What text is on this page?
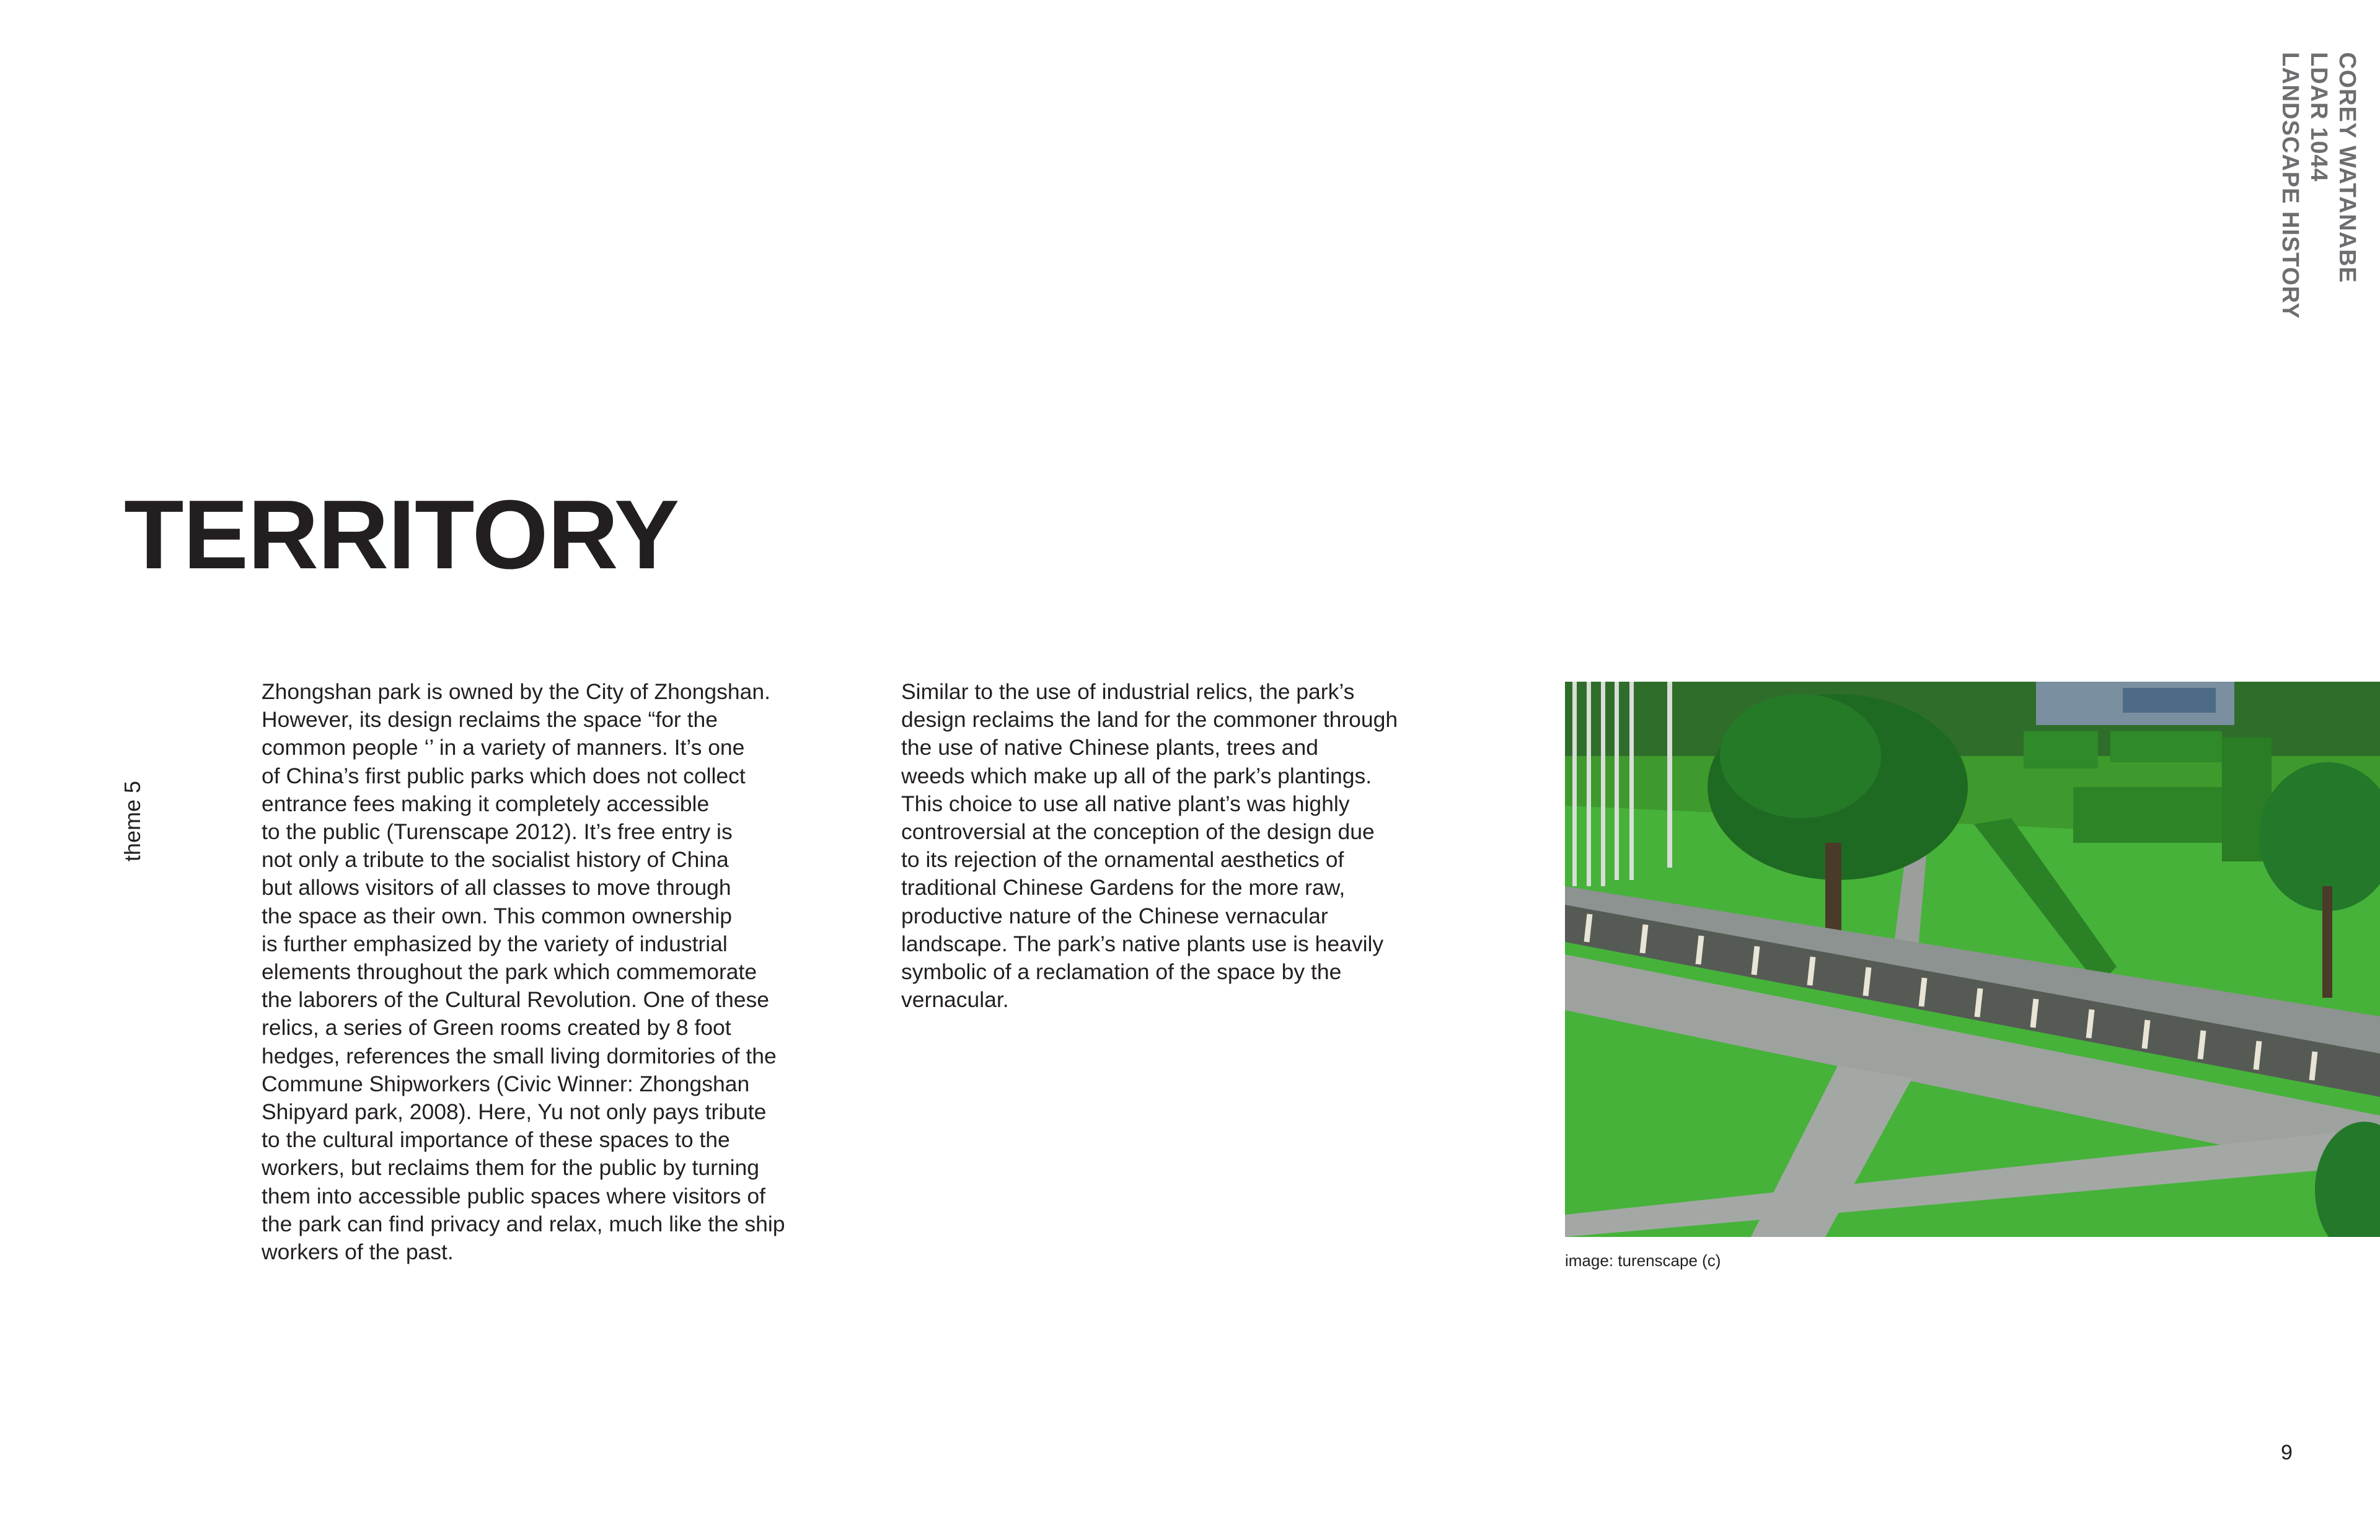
COREY WATANABE
LDAR 1044
LANDSCAPE HISTORY
TERRITORY
theme 5
Zhongshan park is owned by the City of Zhongshan.
However, its design reclaims the space “for the
common people ‘’ in a variety of manners. It’s one
of China’s first public parks which does not collect
entrance fees making it completely accessible
to the public (Turenscape 2012). It’s free entry is
not only a tribute to the socialist history of China
but allows visitors of all classes to move through
the space as their own. This common ownership
is further emphasized by the variety of industrial
elements throughout the park which commemorate
the laborers of the Cultural Revolution. One of these
relics, a series of Green rooms created by 8 foot
hedges, references the small living dormitories of the
Commune Shipworkers (Civic Winner: Zhongshan
Shipyard park, 2008). Here, Yu not only pays tribute
to the cultural importance of these spaces to the
workers, but reclaims them for the public by turning
them into accessible public spaces where visitors of
the park can find privacy and relax, much like the ship
workers of the past.
Similar to the use of industrial relics, the park’s
design reclaims the land for the commoner through
the use of native Chinese plants, trees and
weeds which make up all of the park’s plantings.
This choice to use all native plant’s was highly
controversial at the conception of the design due
to its rejection of the ornamental aesthetics of
traditional Chinese Gardens for the more raw,
productive nature of the Chinese vernacular
landscape. The park’s native plants use is heavily
symbolic of a reclamation of the space by the
vernacular.
image: turenscape (c)
9
